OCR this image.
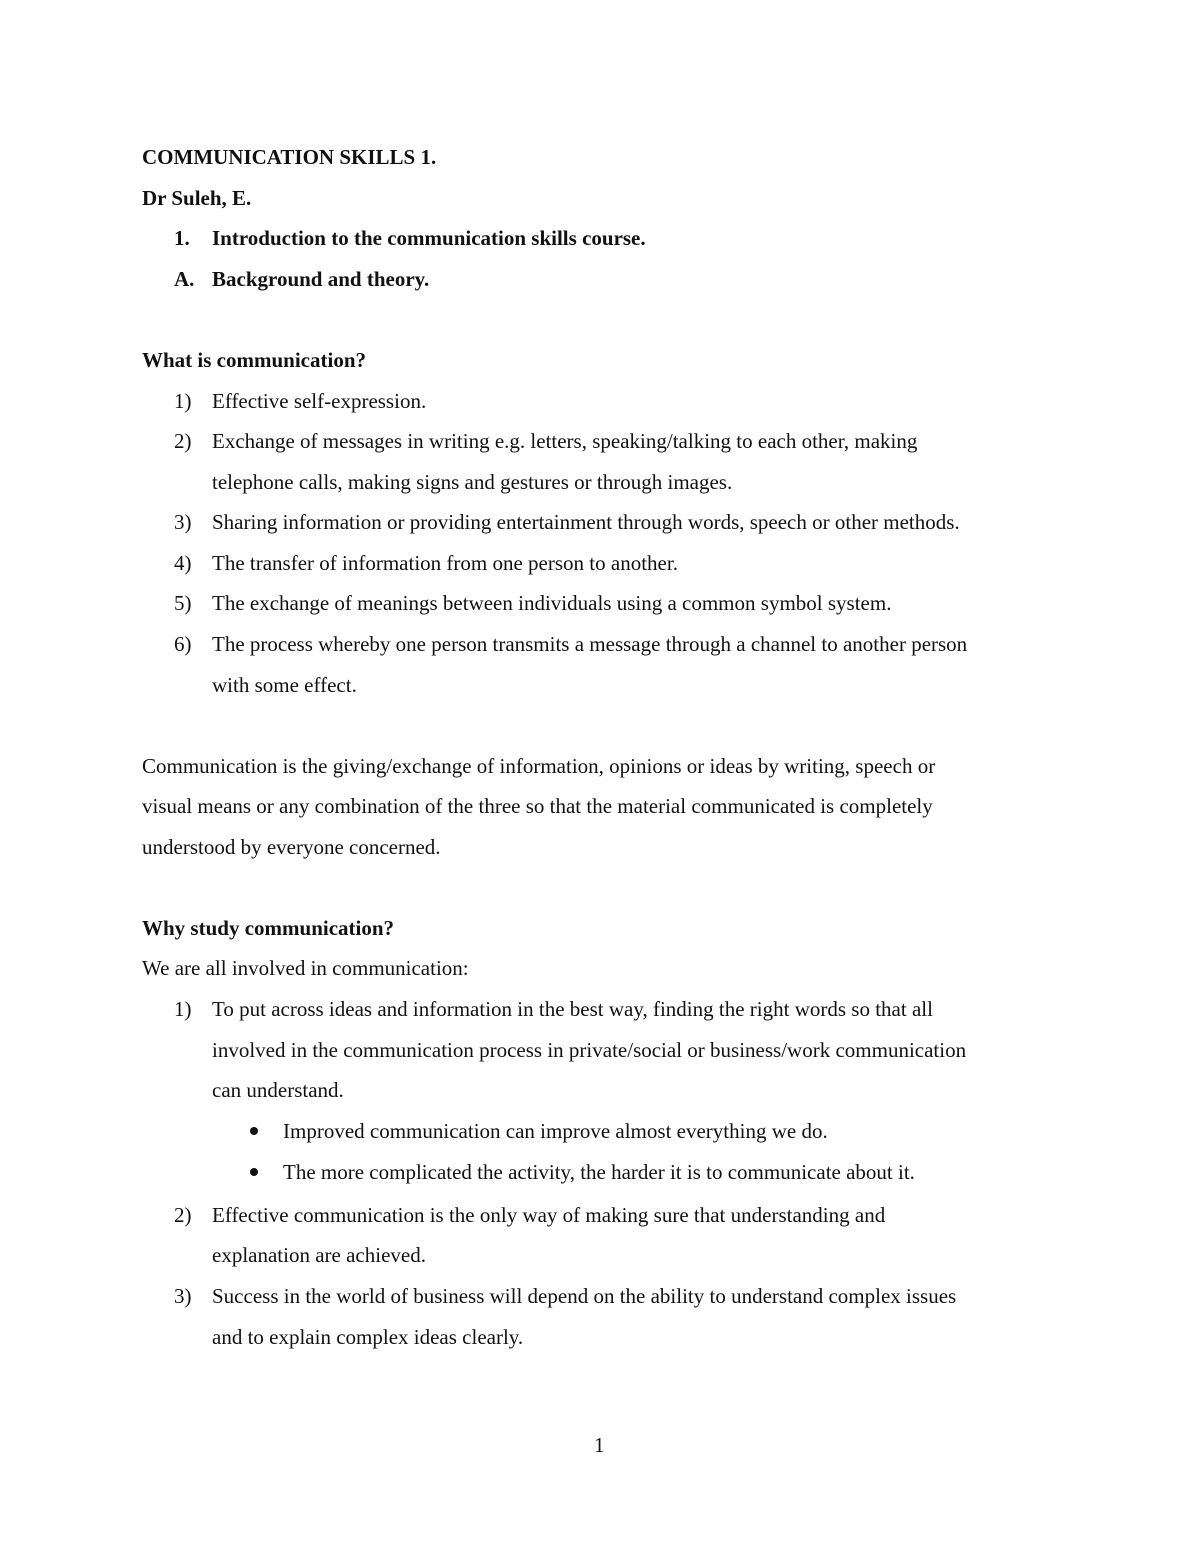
COMMUNICATION SKILLS 1.
Dr Suleh, E.
1. Introduction to the communication skills course.
A. Background and theory.
What is communication?
1) Effective self-expression.
2) Exchange of messages in writing e.g. letters, speaking/talking to each other, making
telephone calls, making signs and gestures or through images.
3) Sharing information or providing entertainment through words, speech or other methods.
4) The transfer of information from one person to another.
5) The exchange of meanings between individuals using a common symbol system.
6) The process whereby one person transmits a message through a channel to another person
with some effect.
Communication is the giving/exchange of information, opinions or ideas by writing, speech or
visual means or any combination of the three so that the material communicated is completely
understood by everyone concerned.
Why study communication?
We are all involved in communication:
1) To put across ideas and information in the best way, finding the right words so that all
involved in the communication process in private/social or business/work communication
can understand.
Improved communication can improve almost everything we do.
The more complicated the activity, the harder it is to communicate about it.
2) Effective communication is the only way of making sure that understanding and
explanation are achieved.
3) Success in the world of business will depend on the ability to understand complex issues
and to explain complex ideas clearly.
1
